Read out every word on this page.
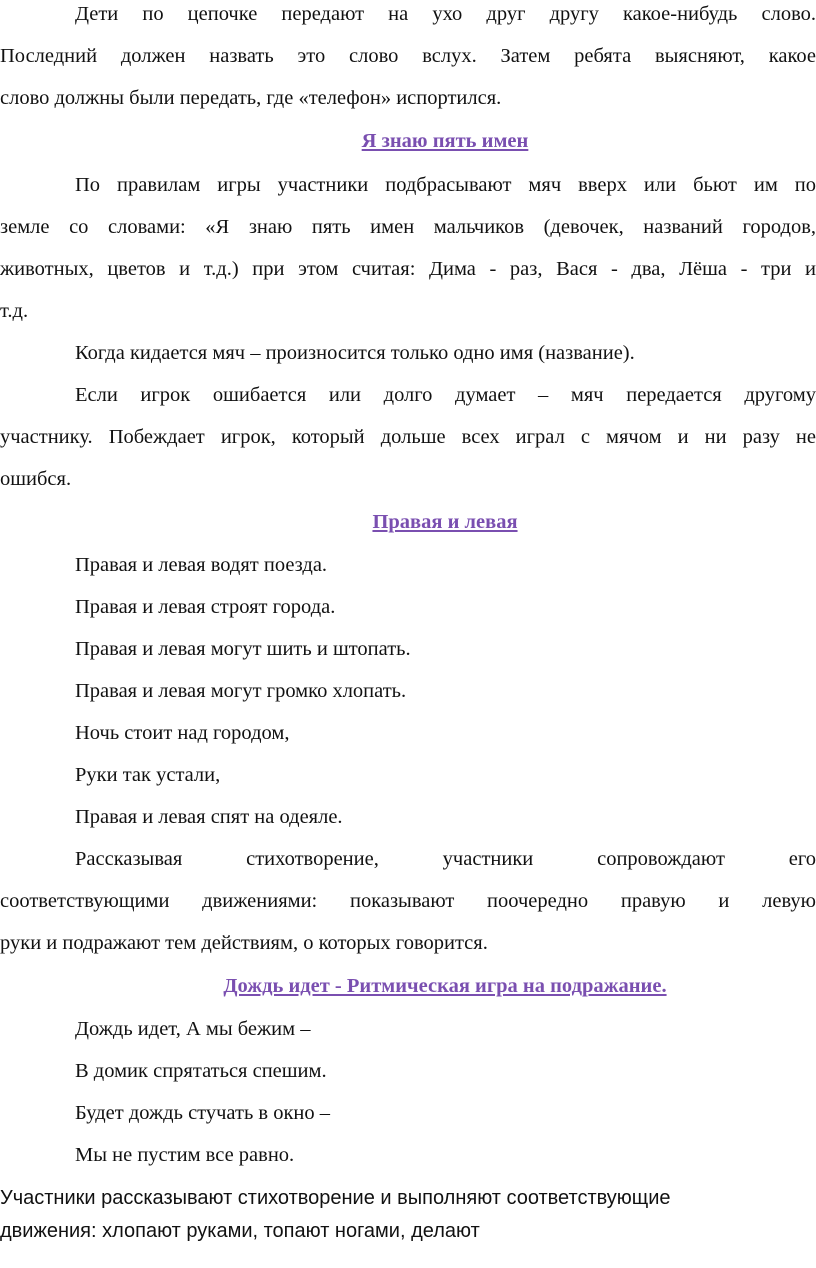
Дети по цепочке передают на ухо друг другу какое-нибудь слово.
Последний должен назвать это слово вслух. Затем ребята выясняют, какое
слово должны были передать, где «телефон» испортился.
Я знаю пять имен
По правилам игры участники подбрасывают мяч вверх или бьют им по
земле со словами: «Я знаю пять имен мальчиков (девочек, названий городов,
животных, цветов и т.д.) при этом считая: Дима - раз, Вася - два, Лёша - три и
т.д.
Когда кидается мяч – произносится только одно имя (название).
Если игрок ошибается или долго думает – мяч передается другому
участнику. Побеждает игрок, который дольше всех играл с мячом и ни разу не
ошибся.
Правая и левая
Правая и левая водят поезда.
Правая и левая строят города.
Правая и левая могут шить и штопать.
Правая и левая могут громко хлопать.
Ночь стоит над городом,
Руки так устали,
Правая и левая спят на одеяле.
Рассказывая стихотворение, участники сопровождают его
соответствующими движениями: показывают поочередно правую и левую
руки и подражают тем действиям, о которых говорится.
Дождь идет - Ритмическая игра на подражание.
Дождь идет, А мы бежим –
В домик спрятаться спешим.
Будет дождь стучать в окно –
Мы не пустим все равно.
Участники рассказывают стихотворение и выполняют соответствующие
движения: хлопают руками, топают ногами, делают
